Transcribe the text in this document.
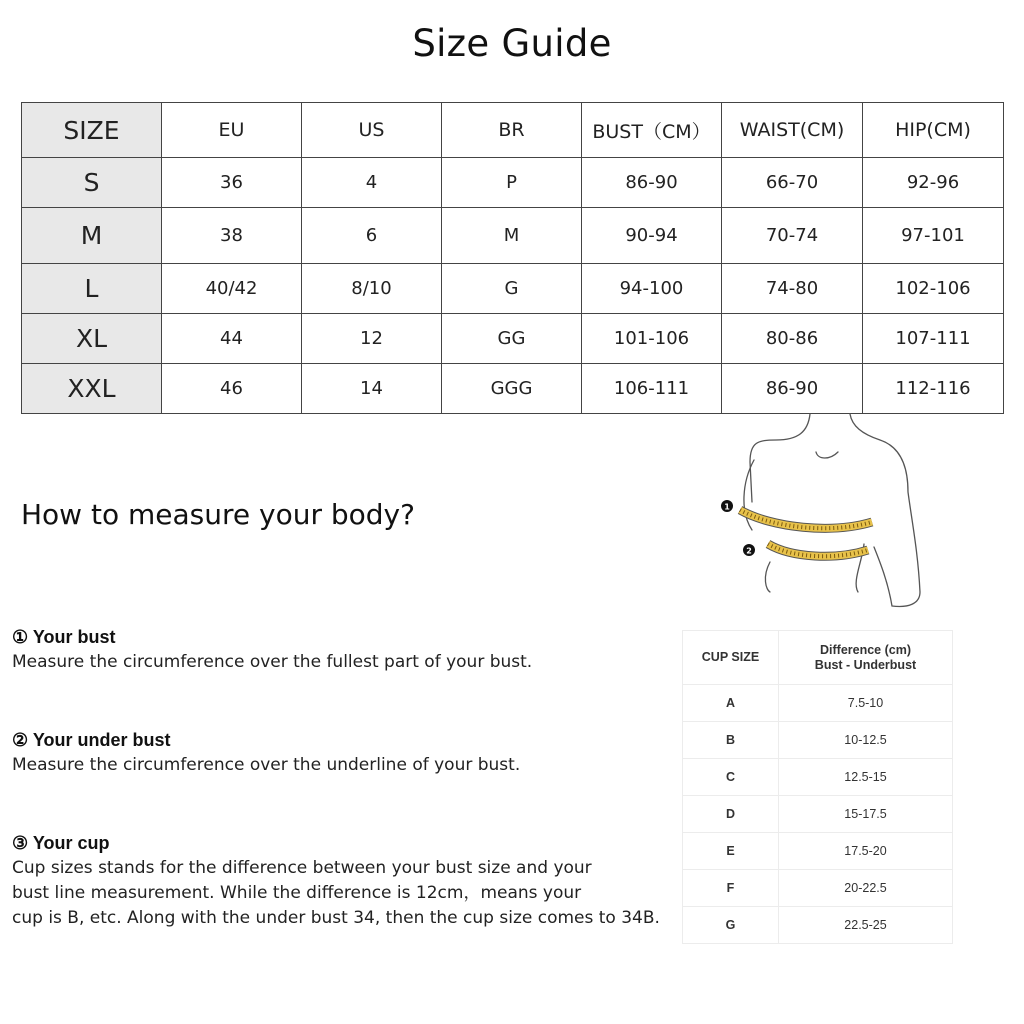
Size Guide
SIZE	EU	US	BR	BUST（CM）	WAIST(CM)	HIP(CM)
S	36	4	P	86-90	66-70	92-96
M	38	6	M	90-94	70-74	97-101
L	40/42	8/10	G	94-100	74-80	102-106
XL	44	12	GG	101-106	80-86	107-111
XXL	46	14	GGG	106-111	86-90	112-116
How to measure your body?
① Your bust
Measure the circumference over the fullest part of your bust.
② Your under bust
Measure the circumference over the underline of your bust.
③ Your cup
Cup sizes stands for the difference between your bust size and your
bust line measurement. While the difference is 12cm，means your
cup is B, etc. Along with the under bust 34, then the cup size comes to 34B.
1
2
CUP SIZE	Difference (cm)
Bust - Underbust

A	7.5-10
B	10-12.5
C	12.5-15
D	15-17.5
E	17.5-20
F	20-22.5
G	22.5-25
